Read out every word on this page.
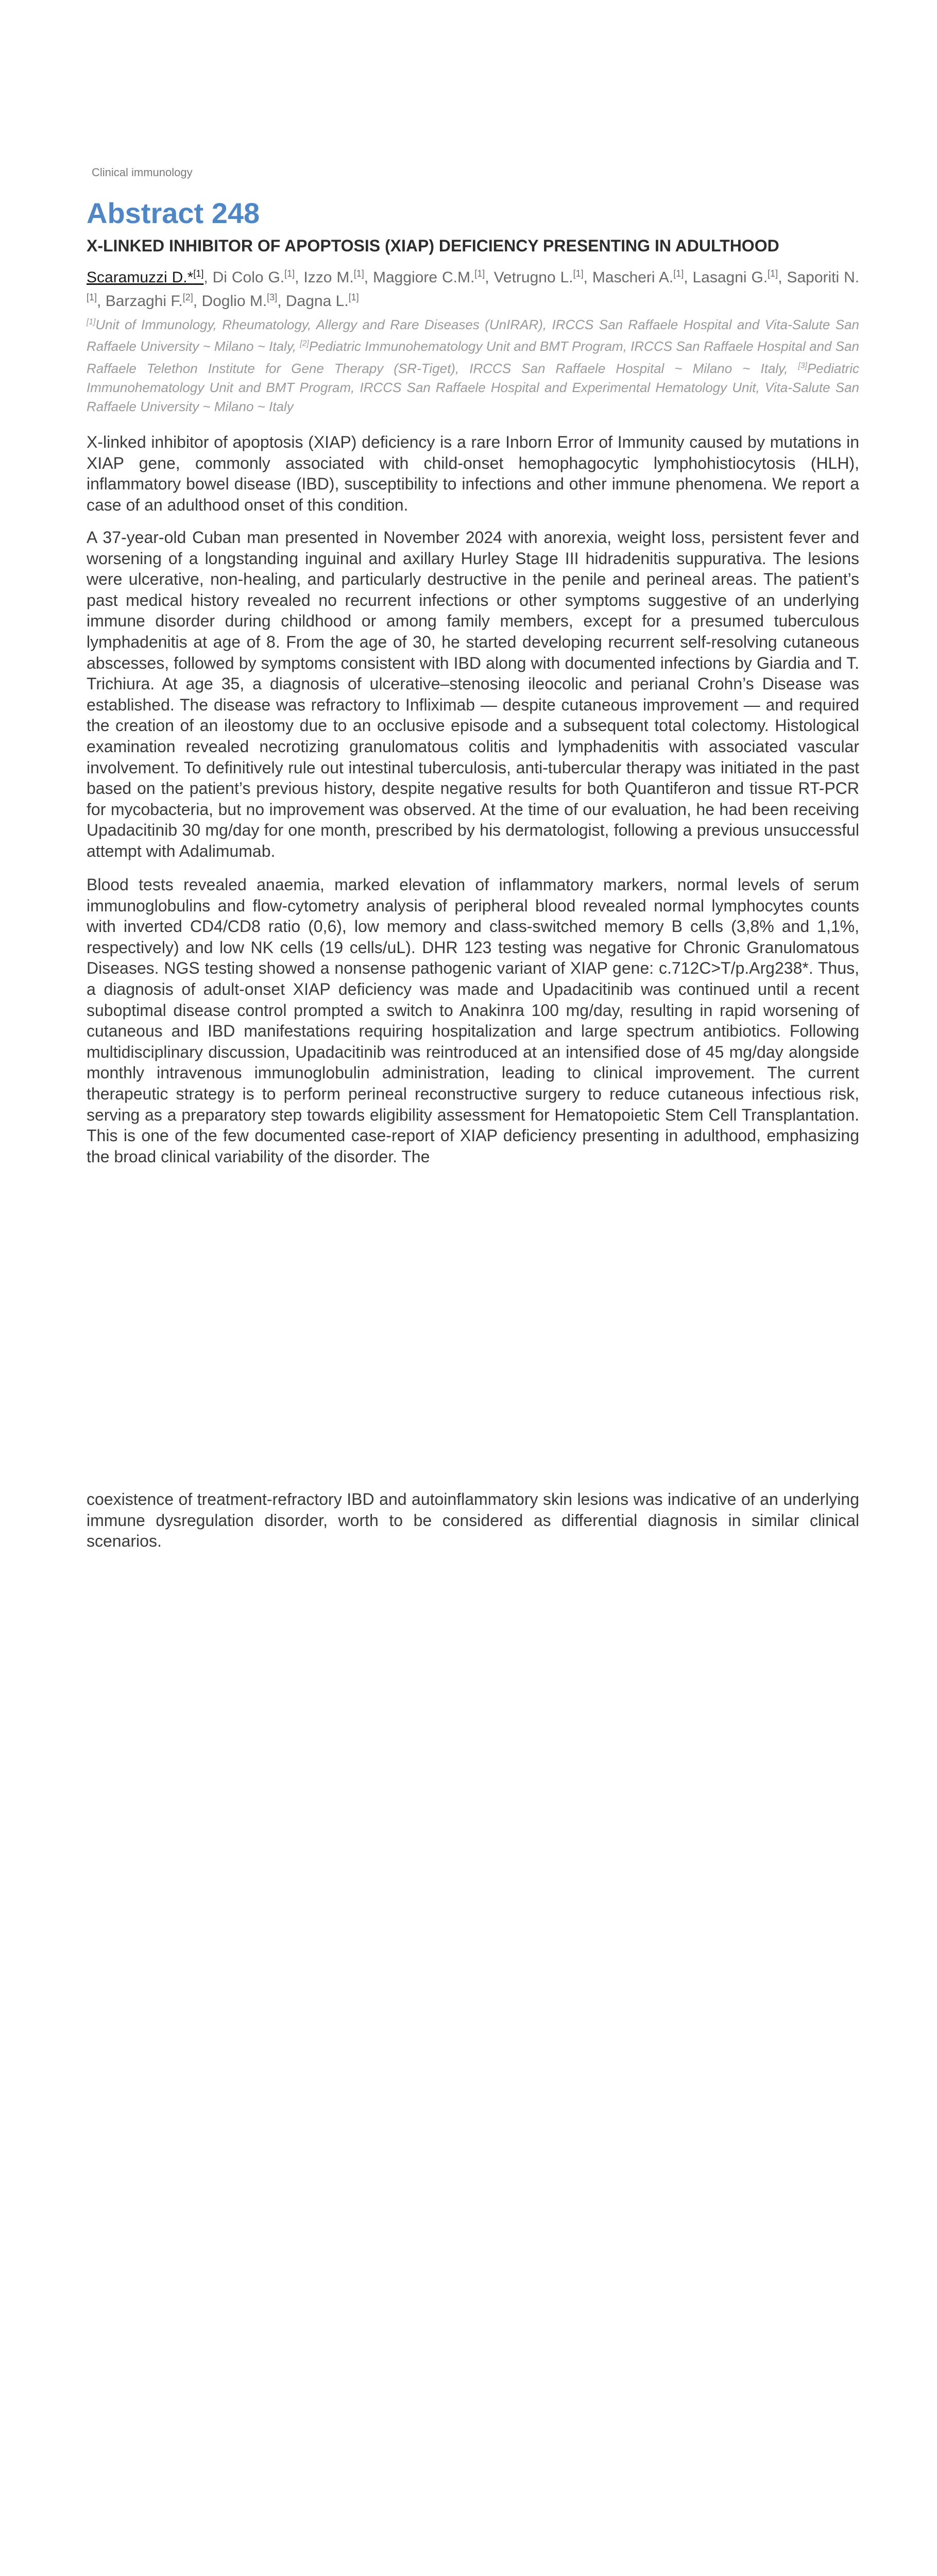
Clinical immunology
Abstract 248
X-LINKED INHIBITOR OF APOPTOSIS (XIAP) DEFICIENCY PRESENTING IN ADULTHOOD
Scaramuzzi D.*[1], Di Colo G.[1], Izzo M.[1], Maggiore C.M.[1], Vetrugno L.[1], Mascheri A.[1], Lasagni G.[1], Saporiti N.[1], Barzaghi F.[2], Doglio M.[3], Dagna L.[1]
[1]Unit of Immunology, Rheumatology, Allergy and Rare Diseases (UnIRAR), IRCCS San Raffaele Hospital and Vita-Salute San Raffaele University ~ Milano ~ Italy, [2]Pediatric Immunohematology Unit and BMT Program, IRCCS San Raffaele Hospital and San Raffaele Telethon Institute for Gene Therapy (SR-Tiget), IRCCS San Raffaele Hospital ~ Milano ~ Italy, [3]Pediatric Immunohematology Unit and BMT Program, IRCCS San Raffaele Hospital and Experimental Hematology Unit, Vita-Salute San Raffaele University ~ Milano ~ Italy

X-linked inhibitor of apoptosis (XIAP) deficiency is a rare Inborn Error of Immunity caused by mutations in XIAP gene, commonly associated with child-onset hemophagocytic lymphohistiocytosis (HLH), inflammatory bowel disease (IBD), susceptibility to infections and other immune phenomena. We report a case of an adulthood onset of this condition.

A 37-year-old Cuban man presented in November 2024 with anorexia, weight loss, persistent fever and worsening of a longstanding inguinal and axillary Hurley Stage III hidradenitis suppurativa. The lesions were ulcerative, non-healing, and particularly destructive in the penile and perineal areas. The patient’s past medical history revealed no recurrent infections or other symptoms suggestive of an underlying immune disorder during childhood or among family members, except for a presumed tuberculous lymphadenitis at age of 8. From the age of 30, he started developing recurrent self-resolving cutaneous abscesses, followed by symptoms consistent with IBD along with documented infections by Giardia and T. Trichiura. At age 35, a diagnosis of ulcerative–stenosing ileocolic and perianal Crohn’s Disease was established. The disease was refractory to Infliximab — despite cutaneous improvement — and required the creation of an ileostomy due to an occlusive episode and a subsequent total colectomy. Histological examination revealed necrotizing granulomatous colitis and lymphadenitis with associated vascular involvement. To definitively rule out intestinal tuberculosis, anti-tubercular therapy was initiated in the past based on the patient’s previous history, despite negative results for both Quantiferon and tissue RT-PCR for mycobacteria, but no improvement was observed. At the time of our evaluation, he had been receiving Upadacitinib 30 mg/day for one month, prescribed by his dermatologist, following a previous unsuccessful attempt with Adalimumab.

Blood tests revealed anaemia, marked elevation of inflammatory markers, normal levels of serum immunoglobulins and flow-cytometry analysis of peripheral blood revealed normal lymphocytes counts with inverted CD4/CD8 ratio (0,6), low memory and class-switched memory B cells (3,8% and 1,1%, respectively) and low NK cells (19 cells/uL). DHR 123 testing was negative for Chronic Granulomatous Diseases. NGS testing showed a nonsense pathogenic variant of XIAP gene: c.712C>T/p.Arg238*. Thus, a diagnosis of adult-onset XIAP deficiency was made and Upadacitinib was continued until a recent suboptimal disease control prompted a switch to Anakinra 100 mg/day, resulting in rapid worsening of cutaneous and IBD manifestations requiring hospitalization and large spectrum antibiotics. Following multidisciplinary discussion, Upadacitinib was reintroduced at an intensified dose of 45 mg/day alongside monthly intravenous immunoglobulin administration, leading to clinical improvement. The current therapeutic strategy is to perform perineal reconstructive surgery to reduce cutaneous infectious risk, serving as a preparatory step towards eligibility assessment for Hematopoietic Stem Cell Transplantation. This is one of the few documented case-report of XIAP deficiency presenting in adulthood, emphasizing the broad clinical variability of the disorder. The

coexistence of treatment-refractory IBD and autoinflammatory skin lesions was indicative of an underlying immune dysregulation disorder, worth to be considered as differential diagnosis in similar clinical scenarios.
